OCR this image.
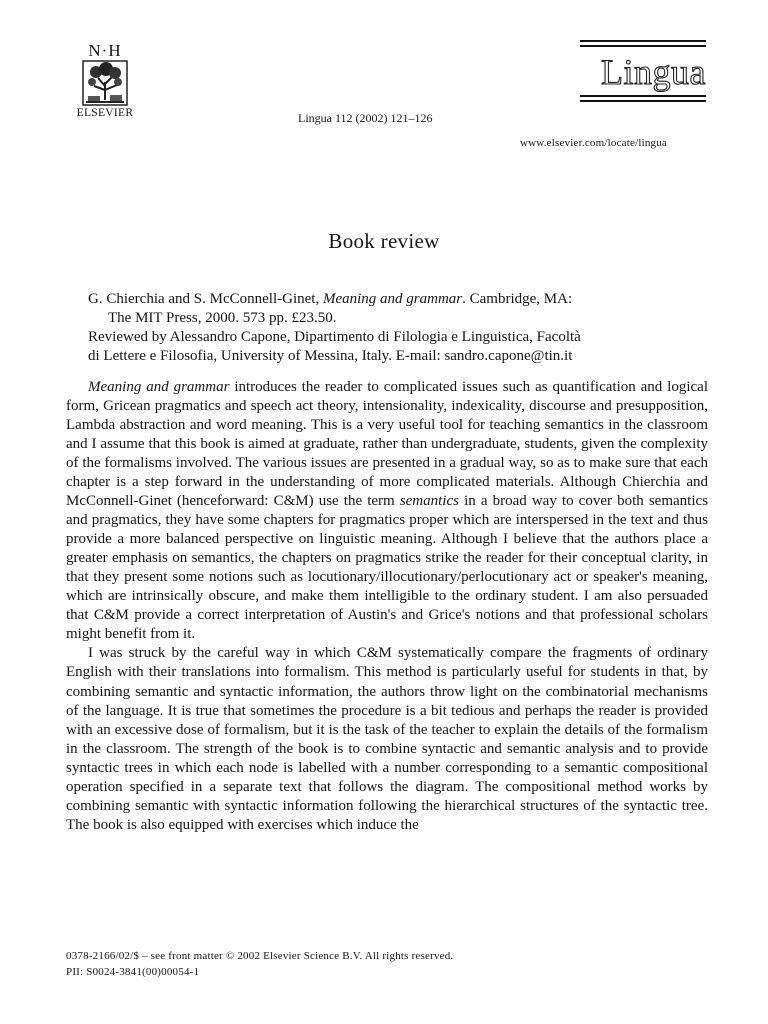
N·H
ELSEVIER	Lingua 112 (2002) 121–126
Lingua
www.elsevier.com/locate/lingua
Book review

G. Chierchia and S. McConnell-Ginet, Meaning and grammar. Cambridge, MA:

The MIT Press, 2000. 573 pp. £23.50.

Reviewed by Alessandro Capone, Dipartimento di Filologia e Linguistica, Facoltà

di Lettere e Filosofia, University of Messina, Italy. E-mail: sandro.capone@tin.it

Meaning and grammar introduces the reader to complicated issues such as quantification and logical form, Gricean pragmatics and speech act theory, intensionality, indexicality, discourse and presupposition, Lambda abstraction and word meaning. This is a very useful tool for teaching semantics in the classroom and I assume that this book is aimed at graduate, rather than undergraduate, students, given the complexity of the formalisms involved. The various issues are presented in a gradual way, so as to make sure that each chapter is a step forward in the understanding of more complicated materials. Although Chierchia and McConnell-Ginet (henceforward: C&M) use the term semantics in a broad way to cover both semantics and pragmatics, they have some chapters for pragmatics proper which are interspersed in the text and thus provide a more balanced perspective on linguistic meaning. Although I believe that the authors place a greater emphasis on semantics, the chapters on pragmatics strike the reader for their conceptual clarity, in that they present some notions such as locutionary/illocutionary/perlocutionary act or speaker's meaning, which are intrinsically obscure, and make them intelligible to the ordinary student. I am also persuaded that C&M provide a correct interpretation of Austin's and Grice's notions and that professional scholars might benefit from it.

I was struck by the careful way in which C&M systematically compare the fragments of ordinary English with their translations into formalism. This method is particularly useful for students in that, by combining semantic and syntactic information, the authors throw light on the combinatorial mechanisms of the language. It is true that sometimes the procedure is a bit tedious and perhaps the reader is provided with an excessive dose of formalism, but it is the task of the teacher to explain the details of the formalism in the classroom. The strength of the book is to combine syntactic and semantic analysis and to provide syntactic trees in which each node is labelled with a number corresponding to a semantic compositional operation specified in a separate text that follows the diagram. The compositional method works by combining semantic with syntactic information following the hierarchical structures of the syntactic tree. The book is also equipped with exercises which induce the

0378-2166/02/$ – see front matter © 2002 Elsevier Science B.V. All rights reserved.
PII: S0024-3841(00)00054-1
